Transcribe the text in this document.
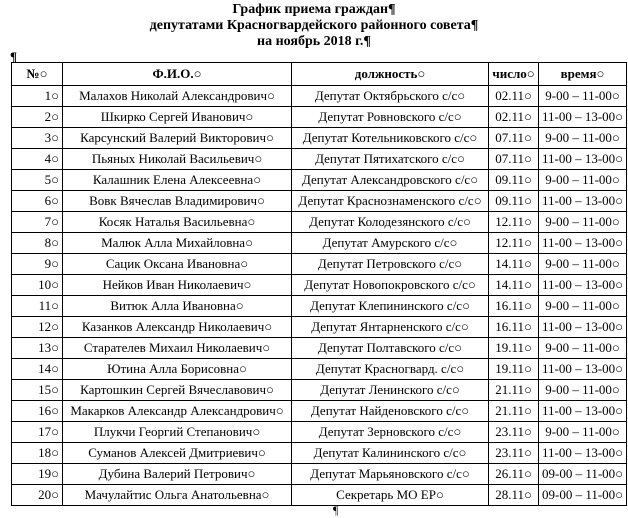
График приема граждан¶
депутатами Красногвардейского районного совета¶
на ноябрь 2018 г.¶
¶
№○	Ф.И.О.○	должность○	число○	время○
1○	Малахов Николай Александрович○	Депутат Октябрьского с/с○	02.11○	9-00 – 11-00○
2○	Шкирко Сергей Иванович○	Депутат Ровновского с/с○	02.11○	11-00 – 13-00○
3○	Карсунский Валерий Викторович○	Депутат Котельниковского с/с○	07.11○	9-00 – 11-00○
4○	Пьяных Николай Васильевич○	Депутат Пятихатского с/с○	07.11○	11-00 – 13-00○
5○	Калашник Елена Алексеевна○	Депутат Александровского с/с○	09.11○	9-00 – 11-00○
6○	Вовк Вячеслав Владимирович○	Депутат Краснознаменского с/с○	09.11○	11-00 – 13-00○
7○	Косяк Наталья Васильевна○	Депутат Колодезянского с/с○	12.11○	9-00 – 11-00○
8○	Малюк Алла Михайловна○	Депутат Амурского с/с○	12.11○	11-00 – 13-00○
9○	Сацик Оксана Ивановна○	Депутат Петровского с/с○	14.11○	9-00 – 11-00○
10○	Нейков Иван Николаевич○	Депутат Новопокровского с/с○	14.11○	11-00 – 13-00○
11○	Витюк Алла Ивановна○	Депутат Клепининского с/с○	16.11○	9-00 – 11-00○
12○	Казанков Александр Николаевич○	Депутат Янтарненского с/с○	16.11○	11-00 – 13-00○
13○	Старателев Михаил Николаевич○	Депутат Полтавского с/с○	19.11○	9-00 – 11-00○
14○	Ютина Алла Борисовна○	Депутат Красногвард. с/с○	19.11○	11-00 – 13-00○
15○	Картошкин Сергей Вячеславович○	Депутат Ленинского с/с○	21.11○	9-00 – 11-00○
16○	Макарков Александр Александрович○	Депутат Найденовского с/с○	21.11○	11-00 – 13-00○
17○	Плукчи Георгий Степанович○	Депутат Зерновского с/с○	23.11○	9-00 – 11-00○
18○	Суманов Алексей Дмитриевич○	Депутат Калининского с/с○	23.11○	11-00 – 13-00○
19○	Дубина Валерий Петрович○	Депутат Марьяновского с/с○	26.11○	09-00 – 11-00○
20○	Мачулайтис Ольга Анатольевна○	Секретарь МО ЕР○	28.11○	09-00 – 11-00○
¶
